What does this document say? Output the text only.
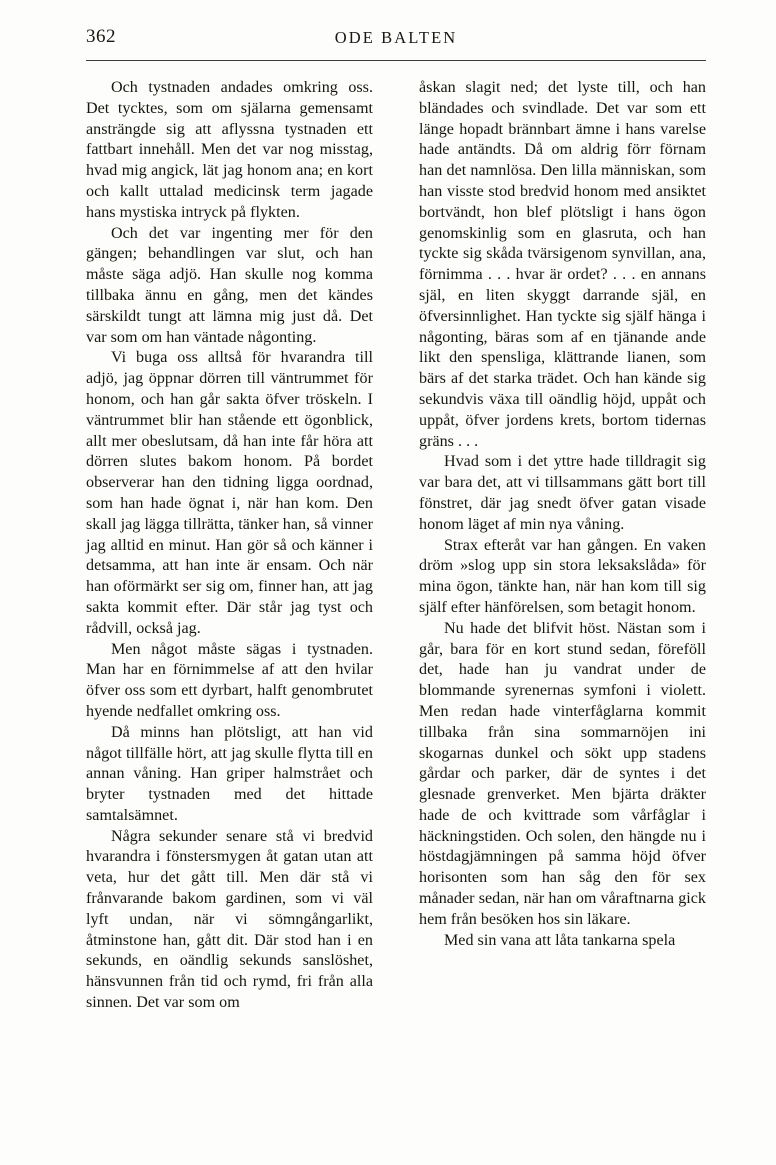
362	ODE BALTEN

Och tystnaden andades omkring oss. Det tycktes, som om själarna gemensamt ansträngde sig att aflyssna tystnaden ett fattbart innehåll. Men det var nog misstag, hvad mig angick, lät jag honom ana; en kort och kallt uttalad medicinsk term jagade hans mystiska intryck på flykten.

Och det var ingenting mer för den gängen; behandlingen var slut, och han måste säga adjö. Han skulle nog komma tillbaka ännu en gång, men det kändes särskildt tungt att lämna mig just då. Det var som om han väntade någonting.

Vi buga oss alltså för hvarandra till adjö, jag öppnar dörren till väntrummet för honom, och han går sakta öfver tröskeln. I väntrummet blir han stående ett ögonblick, allt mer obeslutsam, då han inte får höra att dörren slutes bakom honom. På bordet observerar han den tidning ligga oordnad, som han hade ögnat i, när han kom. Den skall jag lägga tillrätta, tänker han, så vinner jag alltid en minut. Han gör så och känner i detsamma, att han inte är ensam. Och när han oförmärkt ser sig om, finner han, att jag sakta kommit efter. Där står jag tyst och rådvill, också jag.

Men något måste sägas i tystnaden. Man har en förnimmelse af att den hvilar öfver oss som ett dyrbart, halft genombrutet hyende nedfallet omkring oss.

Då minns han plötsligt, att han vid något tillfälle hört, att jag skulle flytta till en annan våning. Han griper halmstrået och bryter tystnaden med det hittade samtalsämnet.

Några sekunder senare stå vi bredvid hvarandra i fönstersmygen åt gatan utan att veta, hur det gått till. Men där stå vi frånvarande bakom gardinen, som vi väl lyft undan, när vi sömngångarlikt, åtminstone han, gått dit. Där stod han i en sekunds, en oändlig sekunds sanslöshet, hänsvunnen från tid och rymd, fri från alla sinnen. Det var som om

åskan slagit ned; det lyste till, och han bländades och svindlade. Det var som ett länge hopadt brännbart ämne i hans varelse hade antändts. Då om aldrig förr förnam han det namnlösa. Den lilla människan, som han visste stod bredvid honom med ansiktet bortvändt, hon blef plötsligt i hans ögon genomskinlig som en glasruta, och han tyckte sig skåda tvärsigenom synvillan, ana, förnimma . . . hvar är ordet? . . . en annans själ, en liten skyggt darrande själ, en öfversinnlighet. Han tyckte sig själf hänga i någonting, bäras som af en tjänande ande likt den spensliga, klättrande lianen, som bärs af det starka trädet. Och han kände sig sekundvis växa till oändlig höjd, uppåt och uppåt, öfver jordens krets, bortom tidernas gräns . . .

Hvad som i det yttre hade tilldragit sig var bara det, att vi tillsammans gätt bort till fönstret, där jag snedt öfver gatan visade honom läget af min nya våning.

Strax efteråt var han gången. En vaken dröm »slog upp sin stora leksakslåda» för mina ögon, tänkte han, när han kom till sig själf efter hänförelsen, som betagit honom.

Nu hade det blifvit höst. Nästan som i går, bara för en kort stund sedan, föreföll det, hade han ju vandrat under de blommande syrenernas symfoni i violett. Men redan hade vinterfåglarna kommit tillbaka från sina sommarnöjen ini skogarnas dunkel och sökt upp stadens gårdar och parker, där de syntes i det glesnade grenverket. Men bjärta dräkter hade de och kvittrade som vårfåglar i häckningstiden. Och solen, den hängde nu i höstdagjämningen på samma höjd öfver horisonten som han såg den för sex månader sedan, när han om våraftnarna gick hem från besöken hos sin läkare.

Med sin vana att låta tankarna spela
